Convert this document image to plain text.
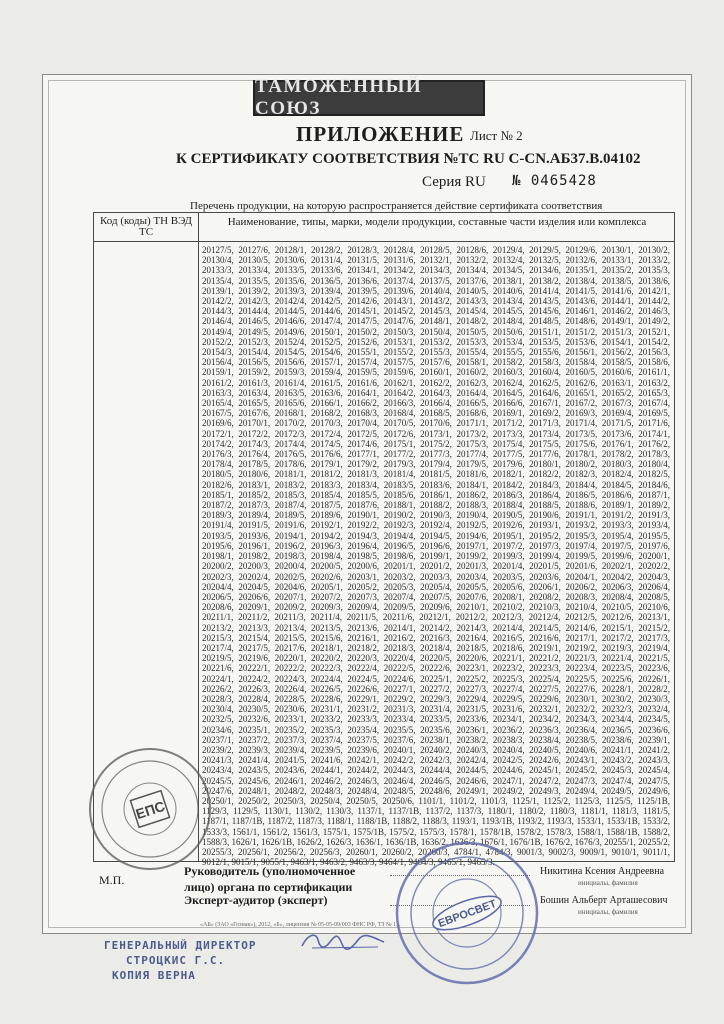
ТАМОЖЕННЫЙ СОЮЗ
ПРИЛОЖЕНИЕ Лист № 2
К СЕРТИФИКАТУ СООТВЕТСТВИЯ №ТС RU C-CN.AБ37.B.04102
Серия RU № 0465428
Перечень продукции, на которую распространяется действие сертификата соответствия
Код (коды) ТН ВЭД ТС
Наименование, типы, марки, модели продукции, составные части изделия или комплекса
20127/5, 20127/6, 20128/1, 20128/2, 20128/3, 20128/4, 20128/5, 20128/6, 20129/4, 20129/5, 20129/6, 20130/1, 20130/2, 20130/4, 20130/5, 20130/6, 20131/4, 20131/5, 20131/6, 20132/1, 20132/2, 20132/4, 20132/5, 20132/6, 20133/1, 20133/2, 20133/3, 20133/4, 20133/5, 20133/6, 20134/1, 20134/2, 20134/3, 20134/4, 20134/5, 20134/6, 20135/1, 20135/2, 20135/3, 20135/4, 20135/5, 20135/6, 20136/5, 20136/6, 20137/4, 20137/5, 20137/6, 20138/1, 20138/2, 20138/4, 20138/5, 20138/6, 20139/1, 20139/2, 20139/3, 20139/4, 20139/5, 20139/6, 20140/4, 20140/5, 20140/6, 20141/4, 20141/5, 20141/6, 20142/1, 20142/2, 20142/3, 20142/4, 20142/5, 20142/6, 20143/1, 20143/2, 20143/3, 20143/4, 20143/5, 20143/6, 20144/1, 20144/2, 20144/3, 20144/4, 20144/5, 20144/6, 20145/1, 20145/2, 20145/3, 20145/4, 20145/5, 20145/6, 20146/1, 20146/2, 20146/3, 20146/4, 20146/5, 20146/6, 20147/4, 20147/5, 20147/6, 20148/1, 20148/2, 20148/4, 20148/5, 20148/6, 20149/1, 20149/2, 20149/4, 20149/5, 20149/6, 20150/1, 20150/2, 20150/3, 20150/4, 20150/5, 20150/6, 20151/1, 20151/2, 20151/3, 20152/1, 20152/2, 20152/3, 20152/4, 20152/5, 20152/6, 20153/1, 20153/2, 20153/3, 20153/4, 20153/5, 20153/6, 20154/1, 20154/2, 20154/3, 20154/4, 20154/5, 20154/6, 20155/1, 20155/2, 20155/3, 20155/4, 20155/5, 20155/6, 20156/1, 20156/2, 20156/3, 20156/4, 20156/5, 20156/6, 20157/1, 20157/4, 20157/5, 20157/6, 20158/1, 20158/2, 20158/3, 20158/4, 20158/5, 20158/6, 20159/1, 20159/2, 20159/3, 20159/4, 20159/5, 20159/6, 20160/1, 20160/2, 20160/3, 20160/4, 20160/5, 20160/6, 20161/1, 20161/2, 20161/3, 20161/4, 20161/5, 20161/6, 20162/1, 20162/2, 20162/3, 20162/4, 20162/5, 20162/6, 20163/1, 20163/2, 20163/3, 20163/4, 20163/5, 20163/6, 20164/1, 20164/2, 20164/3, 20164/4, 20164/5, 20164/6, 20165/1, 20165/2, 20165/3, 20165/4, 20165/5, 20165/6, 20166/1, 20166/2, 20166/3, 20166/4, 20166/5, 20166/6, 20167/1, 20167/2, 20167/3, 20167/4, 20167/5, 20167/6, 20168/1, 20168/2, 20168/3, 20168/4, 20168/5, 20168/6, 20169/1, 20169/2, 20169/3, 20169/4, 20169/5, 20169/6, 20170/1, 20170/2, 20170/3, 20170/4, 20170/5, 20170/6, 20171/1, 20171/2, 20171/3, 20171/4, 20171/5, 20171/6, 20172/1, 20172/2, 20172/3, 20172/4, 20172/5, 20172/6, 20173/1, 20173/2, 20173/3, 20173/4, 20173/5, 20173/6, 20174/1, 20174/2, 20174/3, 20174/4, 20174/5, 20174/6, 20175/1, 20175/2, 20175/3, 20175/4, 20175/5, 20175/6, 20176/1, 20176/2, 20176/3, 20176/4, 20176/5, 20176/6, 20177/1, 20177/2, 20177/3, 20177/4, 20177/5, 20177/6, 20178/1, 20178/2, 20178/3, 20178/4, 20178/5, 20178/6, 20179/1, 20179/2, 20179/3, 20179/4, 20179/5, 20179/6, 20180/1, 20180/2, 20180/3, 20180/4, 20180/5, 20180/6, 20181/1, 20181/2, 20181/3, 20181/4, 20181/5, 20181/6, 20182/1, 20182/2, 20182/3, 20182/4, 20182/5, 20182/6, 20183/1, 20183/2, 20183/3, 20183/4, 20183/5, 20183/6, 20184/1, 20184/2, 20184/3, 20184/4, 20184/5, 20184/6, 20185/1, 20185/2, 20185/3, 20185/4, 20185/5, 20185/6, 20186/1, 20186/2, 20186/3, 20186/4, 20186/5, 20186/6, 20187/1, 20187/2, 20187/3, 20187/4, 20187/5, 20187/6, 20188/1, 20188/2, 20188/3, 20188/4, 20188/5, 20188/6, 20189/1, 20189/2, 20189/3, 20189/4, 20189/5, 20189/6, 20190/1, 20190/2, 20190/3, 20190/4, 20190/5, 20190/6, 20191/1, 20191/2, 20191/3, 20191/4, 20191/5, 20191/6, 20192/1, 20192/2, 20192/3, 20192/4, 20192/5, 20192/6, 20193/1, 20193/2, 20193/3, 20193/4, 20193/5, 20193/6, 20194/1, 20194/2, 20194/3, 20194/4, 20194/5, 20194/6, 20195/1, 20195/2, 20195/3, 20195/4, 20195/5, 20195/6, 20196/1, 20196/2, 20196/3, 20196/4, 20196/5, 20196/6, 20197/1, 20197/2, 20197/3, 20197/4, 20197/5, 20197/6, 20198/1, 20198/2, 20198/3, 20198/4, 20198/5, 20198/6, 20199/1, 20199/2, 20199/3, 20199/4, 20199/5, 20199/6, 20200/1, 20200/2, 20200/3, 20200/4, 20200/5, 20200/6, 20201/1, 20201/2, 20201/3, 20201/4, 20201/5, 20201/6, 20202/1, 20202/2, 20202/3, 20202/4, 20202/5, 20202/6, 20203/1, 20203/2, 20203/3, 20203/4, 20203/5, 20203/6, 20204/1, 20204/2, 20204/3, 20204/4, 20204/5, 20204/6, 20205/1, 20205/2, 20205/3, 20205/4, 20205/5, 20205/6, 20206/1, 20206/2, 20206/3, 20206/4, 20206/5, 20206/6, 20207/1, 20207/2, 20207/3, 20207/4, 20207/5, 20207/6, 20208/1, 20208/2, 20208/3, 20208/4, 20208/5, 20208/6, 20209/1, 20209/2, 20209/3, 20209/4, 20209/5, 20209/6, 20210/1, 20210/2, 20210/3, 20210/4, 20210/5, 20210/6, 20211/1, 20211/2, 20211/3, 20211/4, 20211/5, 20211/6, 20212/1, 20212/2, 20212/3, 20212/4, 20212/5, 20212/6, 20213/1, 20213/2, 20213/3, 20213/4, 20213/5, 20213/6, 20214/1, 20214/2, 20214/3, 20214/4, 20214/5, 20214/6, 20215/1, 20215/2, 20215/3, 20215/4, 20215/5, 20215/6, 20216/1, 20216/2, 20216/3, 20216/4, 20216/5, 20216/6, 20217/1, 20217/2, 20217/3, 20217/4, 20217/5, 20217/6, 20218/1, 20218/2, 20218/3, 20218/4, 20218/5, 20218/6, 20219/1, 20219/2, 20219/3, 20219/4, 20219/5, 20219/6, 20220/1, 20220/2, 20220/3, 20220/4, 20220/5, 20220/6, 20221/1, 20221/2, 20221/3, 20221/4, 20221/5, 20221/6, 20222/1, 20222/2, 20222/3, 20222/4, 20222/5, 20222/6, 20223/1, 20223/2, 20223/3, 20223/4, 20223/5, 20223/6, 20224/1, 20224/2, 20224/3, 20224/4, 20224/5, 20224/6, 20225/1, 20225/2, 20225/3, 20225/4, 20225/5, 20225/6, 20226/1, 20226/2, 20226/3, 20226/4, 20226/5, 20226/6, 20227/1, 20227/2, 20227/3, 20227/4, 20227/5, 20227/6, 20228/1, 20228/2, 20228/3, 20228/4, 20228/5, 20228/6, 20229/1, 20229/2, 20229/3, 20229/4, 20229/5, 20229/6, 20230/1, 20230/2, 20230/3, 20230/4, 20230/5, 20230/6, 20231/1, 20231/2, 20231/3, 20231/4, 20231/5, 20231/6, 20232/1, 20232/2, 20232/3, 20232/4, 20232/5, 20232/6, 20233/1, 20233/2, 20233/3, 20233/4, 20233/5, 20233/6, 20234/1, 20234/2, 20234/3, 20234/4, 20234/5, 20234/6, 20235/1, 20235/2, 20235/3, 20235/4, 20235/5, 20235/6, 20236/1, 20236/2, 20236/3, 20236/4, 20236/5, 20236/6, 20237/1, 20237/2, 20237/3, 20237/4, 20237/5, 20237/6, 20238/1, 20238/2, 20238/3, 20238/4, 20238/5, 20238/6, 20239/1, 20239/2, 20239/3, 20239/4, 20239/5, 20239/6, 20240/1, 20240/2, 20240/3, 20240/4, 20240/5, 20240/6, 20241/1, 20241/2, 20241/3, 20241/4, 20241/5, 20241/6, 20242/1, 20242/2, 20242/3, 20242/4, 20242/5, 20242/6, 20243/1, 20243/2, 20243/3, 20243/4, 20243/5, 20243/6, 20244/1, 20244/2, 20244/3, 20244/4, 20244/5, 20244/6, 20245/1, 20245/2, 20245/3, 20245/4, 20245/5, 20245/6, 20246/1, 20246/2, 20246/3, 20246/4, 20246/5, 20246/6, 20247/1, 20247/2, 20247/3, 20247/4, 20247/5, 20247/6, 20248/1, 20248/2, 20248/3, 20248/4, 20248/5, 20248/6, 20249/1, 20249/2, 20249/3, 20249/4, 20249/5, 20249/6, 20250/1, 20250/2, 20250/3, 20250/4, 20250/5, 20250/6, 1101/1, 1101/2, 1101/3, 1125/1, 1125/2, 1125/3, 1125/5, 1125/1B, 1129/3, 1129/5, 1130/1, 1130/2, 1130/3, 1137/1, 1137/1B, 1137/2, 1137/3, 1180/1, 1180/2, 1180/3, 1181/1, 1181/3, 1181/5, 1187/1, 1187/1B, 1187/2, 1187/3, 1188/1, 1188/1B, 1188/2, 1188/3, 1193/1, 1193/1B, 1193/2, 1193/3, 1533/1, 1533/1B, 1533/2, 1533/3, 1561/1, 1561/2, 1561/3, 1575/1, 1575/1B, 1575/2, 1575/3, 1578/1, 1578/1B, 1578/2, 1578/3, 1588/1, 1588/1B, 1588/2, 1588/3, 1626/1, 1626/1B, 1626/2, 1626/3, 1636/1, 1636/1B, 1636/2, 1636/3, 1676/1, 1676/1B, 1676/2, 1676/3, 20255/1, 20255/2, 20255/3, 20256/1, 20256/2, 20256/3, 20260/1, 20260/2, 20260/3, 4784/1, 4784/3, 9001/3, 9002/3, 9009/1, 9010/1, 9011/1, 9012/1, 9015/1, 9055/1, 9463/1, 9463/2, 9463/3, 9464/1, 9464/3, 9465/1, 9465/3.
М.П.
Руководитель (уполномоченное
лицо) органа по сертификации
Эксперт-аудитор (эксперт)
Никитина Ксения Андреевна
инициалы, фамилия
Бошин Альберт Арташесович
инициалы, фамилия
«АБ» (ЗАО «Гознак»), 2012, «Б», лицензия № 05-05-09/003 ФНС РФ, ТЗ № 1...
ЕПС
ЕВРОСВЕТ
ГЕНЕРАЛЬНЫЙ ДИРЕКТОР
СТРОЦКИС Г.С.
КОПИЯ ВЕРНА
